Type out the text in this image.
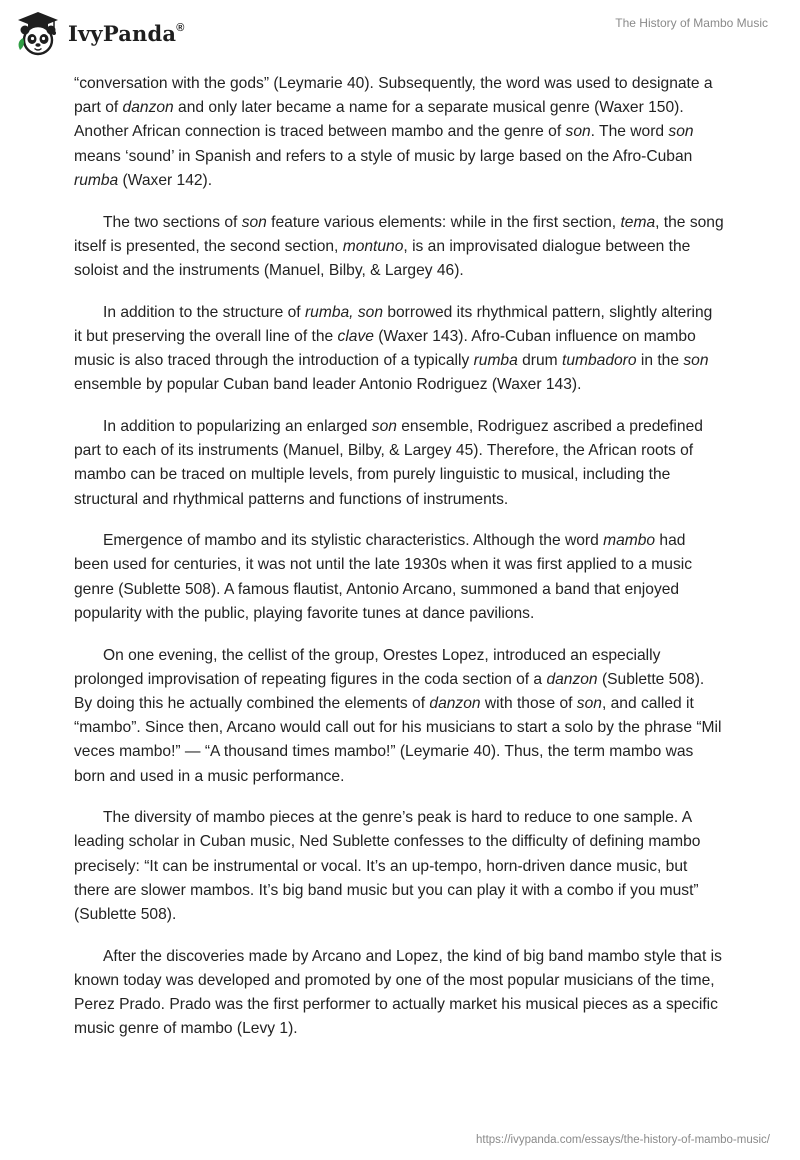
IvyPanda®	The History of Mambo Music

“conversation with the gods” (Leymarie 40). Subsequently, the word was used to designate a part of danzon and only later became a name for a separate musical genre (Waxer 150). Another African connection is traced between mambo and the genre of son. The word son means ‘sound’ in Spanish and refers to a style of music by large based on the Afro-Cuban rumba (Waxer 142).

The two sections of son feature various elements: while in the first section, tema, the song itself is presented, the second section, montuno, is an improvisated dialogue between the soloist and the instruments (Manuel, Bilby, & Largey 46).

In addition to the structure of rumba, son borrowed its rhythmical pattern, slightly altering it but preserving the overall line of the clave (Waxer 143). Afro-Cuban influence on mambo music is also traced through the introduction of a typically rumba drum tumbadoro in the son ensemble by popular Cuban band leader Antonio Rodriguez (Waxer 143).

In addition to popularizing an enlarged son ensemble, Rodriguez ascribed a predefined part to each of its instruments (Manuel, Bilby, & Largey 45). Therefore, the African roots of mambo can be traced on multiple levels, from purely linguistic to musical, including the structural and rhythmical patterns and functions of instruments.

Emergence of mambo and its stylistic characteristics. Although the word mambo had been used for centuries, it was not until the late 1930s when it was first applied to a music genre (Sublette 508). A famous flautist, Antonio Arcano, summoned a band that enjoyed popularity with the public, playing favorite tunes at dance pavilions.

On one evening, the cellist of the group, Orestes Lopez, introduced an especially prolonged improvisation of repeating figures in the coda section of a danzon (Sublette 508). By doing this he actually combined the elements of danzon with those of son, and called it “mambo”. Since then, Arcano would call out for his musicians to start a solo by the phrase “Mil veces mambo!” — “A thousand times mambo!” (Leymarie 40). Thus, the term mambo was born and used in a music performance.

The diversity of mambo pieces at the genre’s peak is hard to reduce to one sample. A leading scholar in Cuban music, Ned Sublette confesses to the difficulty of defining mambo precisely: “It can be instrumental or vocal. It’s an up-tempo, horn-driven dance music, but there are slower mambos. It’s big band music but you can play it with a combo if you must” (Sublette 508).

After the discoveries made by Arcano and Lopez, the kind of big band mambo style that is known today was developed and promoted by one of the most popular musicians of the time, Perez Prado. Prado was the first performer to actually market his musical pieces as a specific music genre of mambo (Levy 1).

https://ivypanda.com/essays/the-history-of-mambo-music/
